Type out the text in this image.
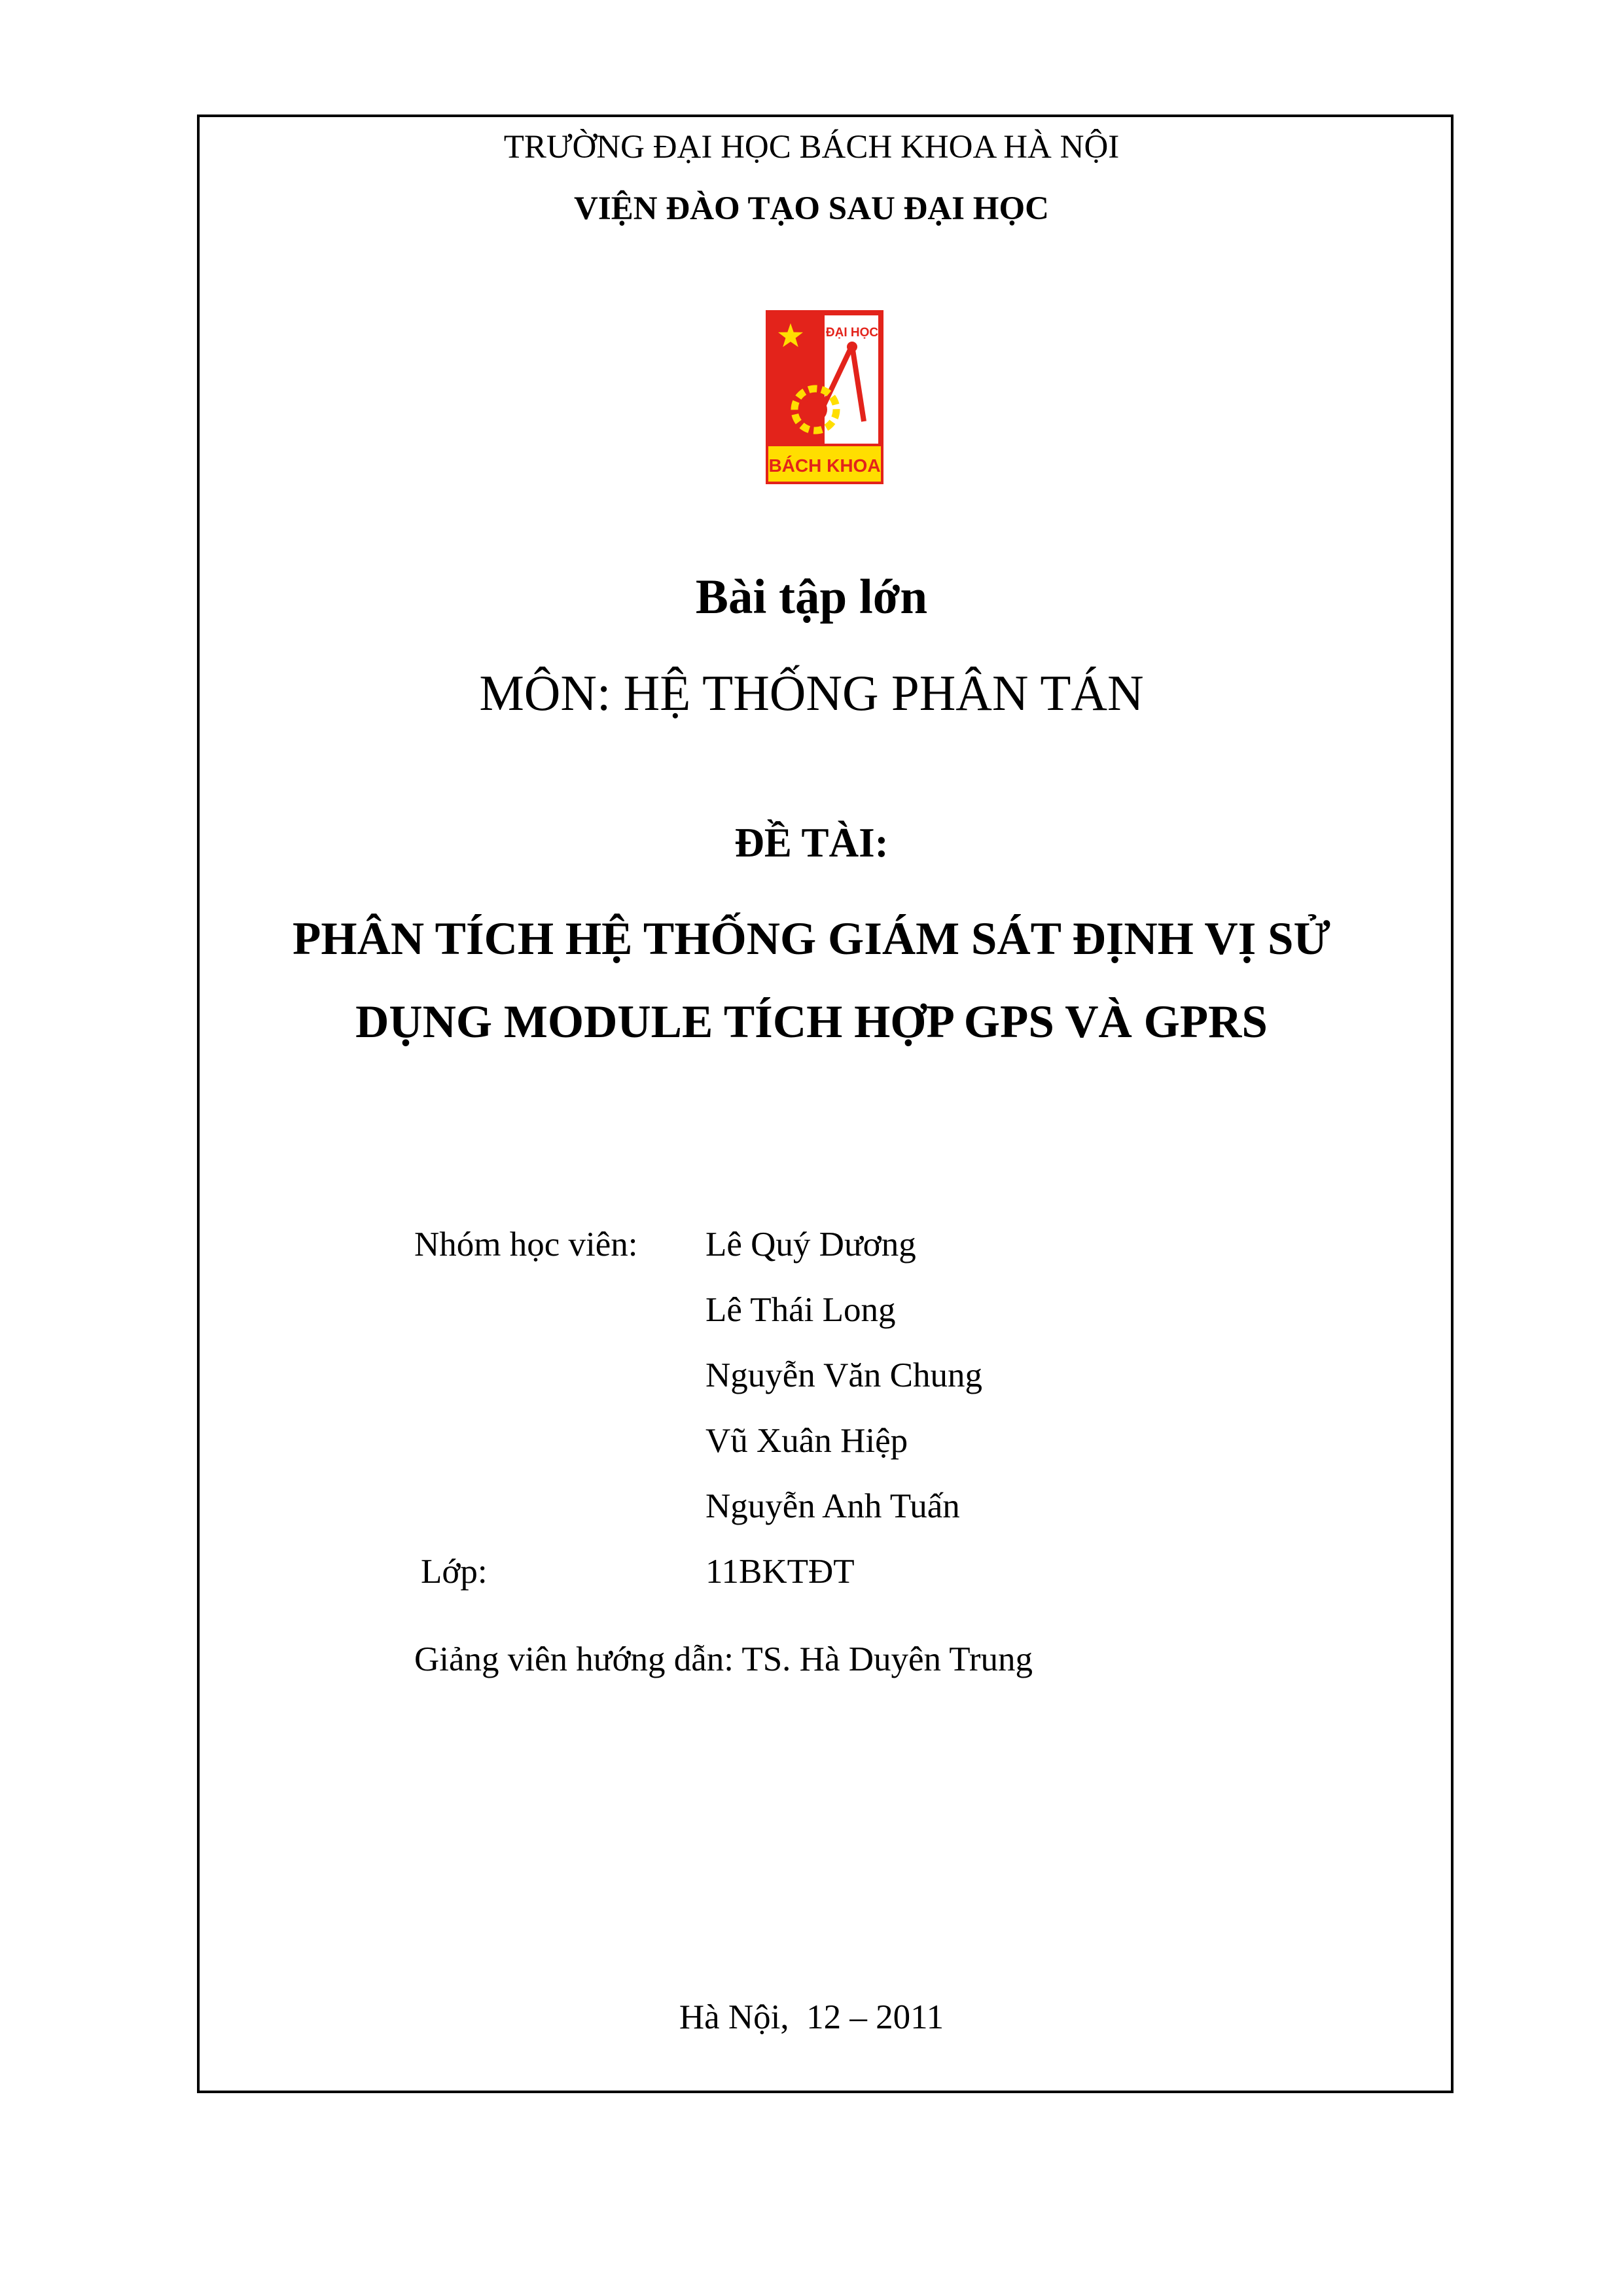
TRƯỜNG ĐẠI HỌC BÁCH KHOA HÀ NỘI
VIỆN ĐÀO TẠO SAU ĐẠI HỌC
ĐẠI HỌC
BÁCH KHOA
Bài tập lớn
MÔN: HỆ THỐNG PHÂN TÁN
ĐỀ TÀI:
PHÂN TÍCH HỆ THỐNG GIÁM SÁT ĐỊNH VỊ SỬ
DỤNG MODULE TÍCH HỢP GPS VÀ GPRS
Nhóm học viên: Lê Quý Dương
Lê Thái Long
Nguyễn Văn Chung
Vũ Xuân Hiệp
Nguyễn Anh Tuấn
Lớp:	11BKTĐT
Giảng viên hướng dẫn: TS. Hà Duyên Trung
Hà Nội,  12 – 2011
